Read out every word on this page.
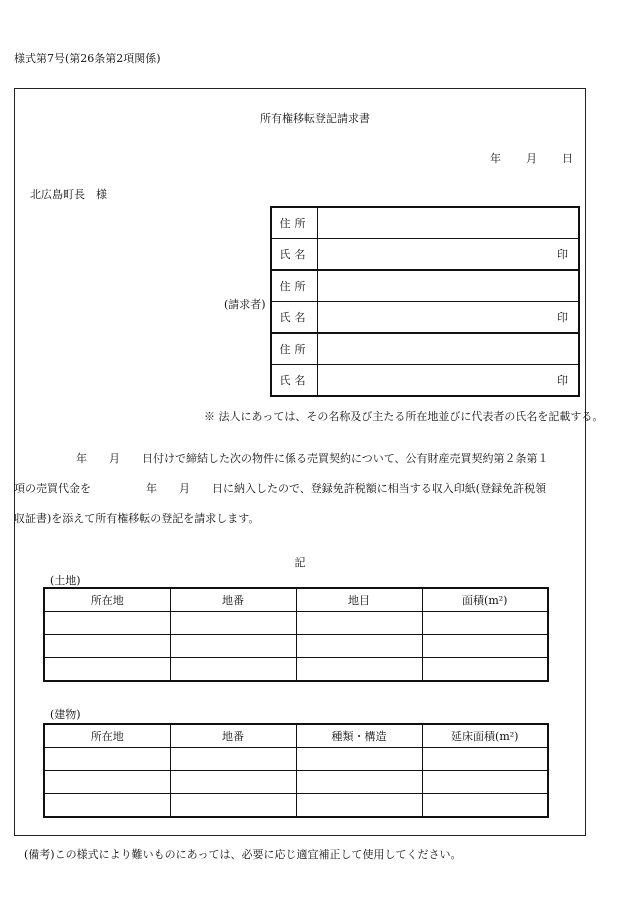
様式第7号(第26条第2項関係)
所有権移転登記請求書
年 月 日
北広島町長　様
(請求者)
住所	
氏名	印
住所	
氏名	印
住所	
氏名	印
※ 法人にあっては、その名称及び主たる所在地並びに代表者の氏名を記載する。
年　　月　　日付けで締結した次の物件に係る売買契約について、公有財産売買契約第２条第１
項の売買代金を　　　　　年　　月　　日に納入したので、登録免許税額に相当する収入印紙(登録免許税領
収証書)を添えて所有権移転の登記を請求します。
記
(土地)
所在地	地番	地目	面積(m²)

(建物)
所在地	地番	種類・構造	延床面積(m²)

(備考)この様式により難いものにあっては、必要に応じ適宜補正して使用してください。
